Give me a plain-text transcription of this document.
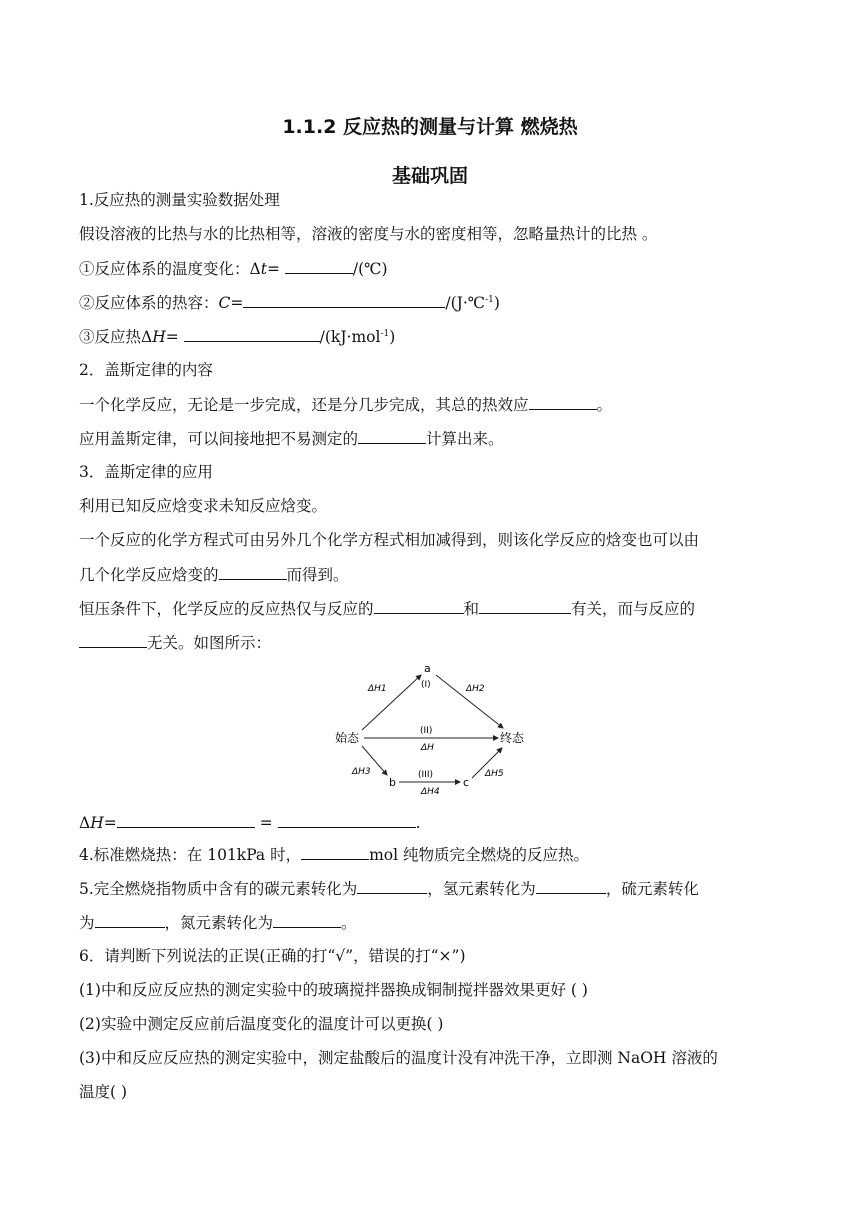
1.1.2 反应热的测量与计算 燃烧热
基础巩固
1.反应热的测量实验数据处理
假设溶液的比热与水的比热相等，溶液的密度与水的密度相等，忽略量热计的比热 。
①反应体系的温度变化：Δt=	/(℃)
②反应体系的热容：C=	/(J·℃$^{-1}$)
③反应热ΔH=	/(kJ·mol$^{-1}$)
2．盖斯定律的内容
一个化学反应，无论是一步完成，还是分几步完成，其总的热效应	。
应用盖斯定律，可以间接地把不易测定的	计算出来。
3．盖斯定律的应用
利用已知反应焓变求未知反应焓变。
一个反应的化学方程式可由另外几个化学方程式相加减得到，则该化学反应的焓变也可以由
几个化学反应焓变的	而得到。
恒压条件下，化学反应的反应热仅与反应的	和	有关，而与反应的
无关。如图所示：
始态	终态
a
b	c
(I)
(II)
(III)
ΔH1	ΔH2
ΔH
ΔH3
ΔH4
ΔH5
ΔH=	=	.
4.标准燃烧热：在 101kPa 时，	mol 纯物质完全燃烧的反应热。
5.完全燃烧指物质中含有的碳元素转化为	，氢元素转化为	，硫元素转化
为	，氮元素转化为	。
6．请判断下列说法的正误(正确的打“√”，错误的打“×”)
(1)中和反应反应热的测定实验中的玻璃搅拌器换成铜制搅拌器效果更好 ( )
(2)实验中测定反应前后温度变化的温度计可以更换( )
(3)中和反应反应热的测定实验中，测定盐酸后的温度计没有冲洗干净，立即测 NaOH 溶液的
温度( )
